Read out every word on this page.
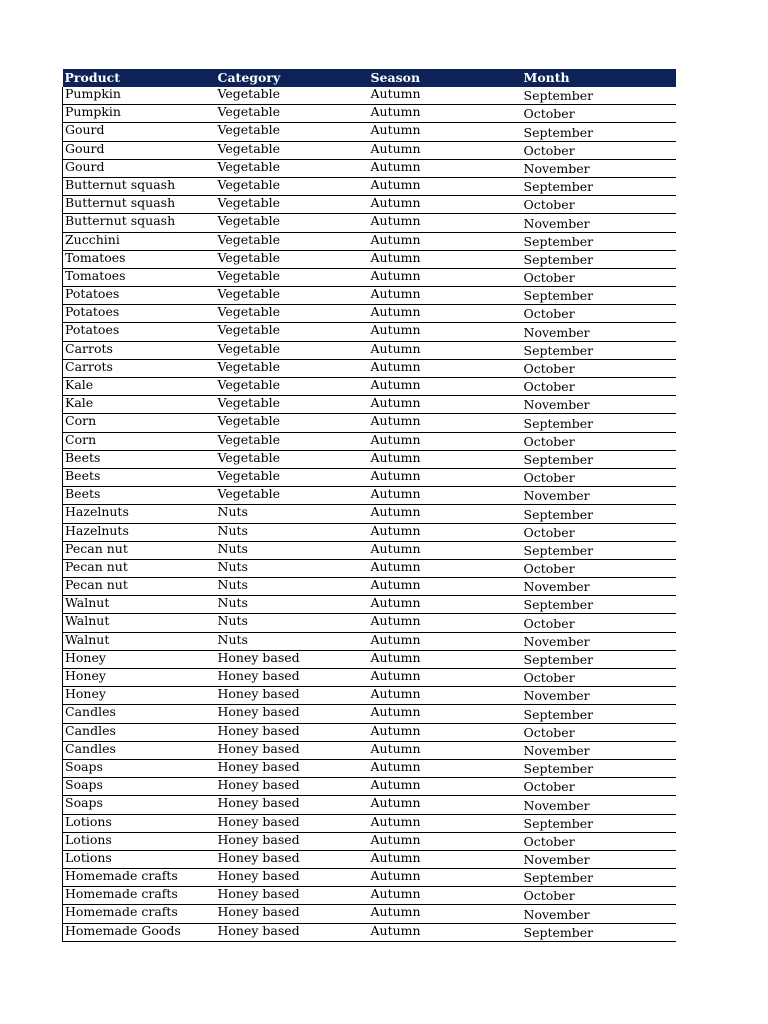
Product	Category	Season	Month
Pumpkin	Vegetable	Autumn	September
Pumpkin	Vegetable	Autumn	October
Gourd	Vegetable	Autumn	September
Gourd	Vegetable	Autumn	October
Gourd	Vegetable	Autumn	November
Butternut squash	Vegetable	Autumn	September
Butternut squash	Vegetable	Autumn	October
Butternut squash	Vegetable	Autumn	November
Zucchini	Vegetable	Autumn	September
Tomatoes	Vegetable	Autumn	September
Tomatoes	Vegetable	Autumn	October
Potatoes	Vegetable	Autumn	September
Potatoes	Vegetable	Autumn	October
Potatoes	Vegetable	Autumn	November
Carrots	Vegetable	Autumn	September
Carrots	Vegetable	Autumn	October
Kale	Vegetable	Autumn	October
Kale	Vegetable	Autumn	November
Corn	Vegetable	Autumn	September
Corn	Vegetable	Autumn	October
Beets	Vegetable	Autumn	September
Beets	Vegetable	Autumn	October
Beets	Vegetable	Autumn	November
Hazelnuts	Nuts	Autumn	September
Hazelnuts	Nuts	Autumn	October
Pecan nut	Nuts	Autumn	September
Pecan nut	Nuts	Autumn	October
Pecan nut	Nuts	Autumn	November
Walnut	Nuts	Autumn	September
Walnut	Nuts	Autumn	October
Walnut	Nuts	Autumn	November
Honey	Honey based	Autumn	September
Honey	Honey based	Autumn	October
Honey	Honey based	Autumn	November
Candles	Honey based	Autumn	September
Candles	Honey based	Autumn	October
Candles	Honey based	Autumn	November
Soaps	Honey based	Autumn	September
Soaps	Honey based	Autumn	October
Soaps	Honey based	Autumn	November
Lotions	Honey based	Autumn	September
Lotions	Honey based	Autumn	October
Lotions	Honey based	Autumn	November
Homemade crafts	Honey based	Autumn	September
Homemade crafts	Honey based	Autumn	October
Homemade crafts	Honey based	Autumn	November
Homemade Goods	Honey based	Autumn	September
